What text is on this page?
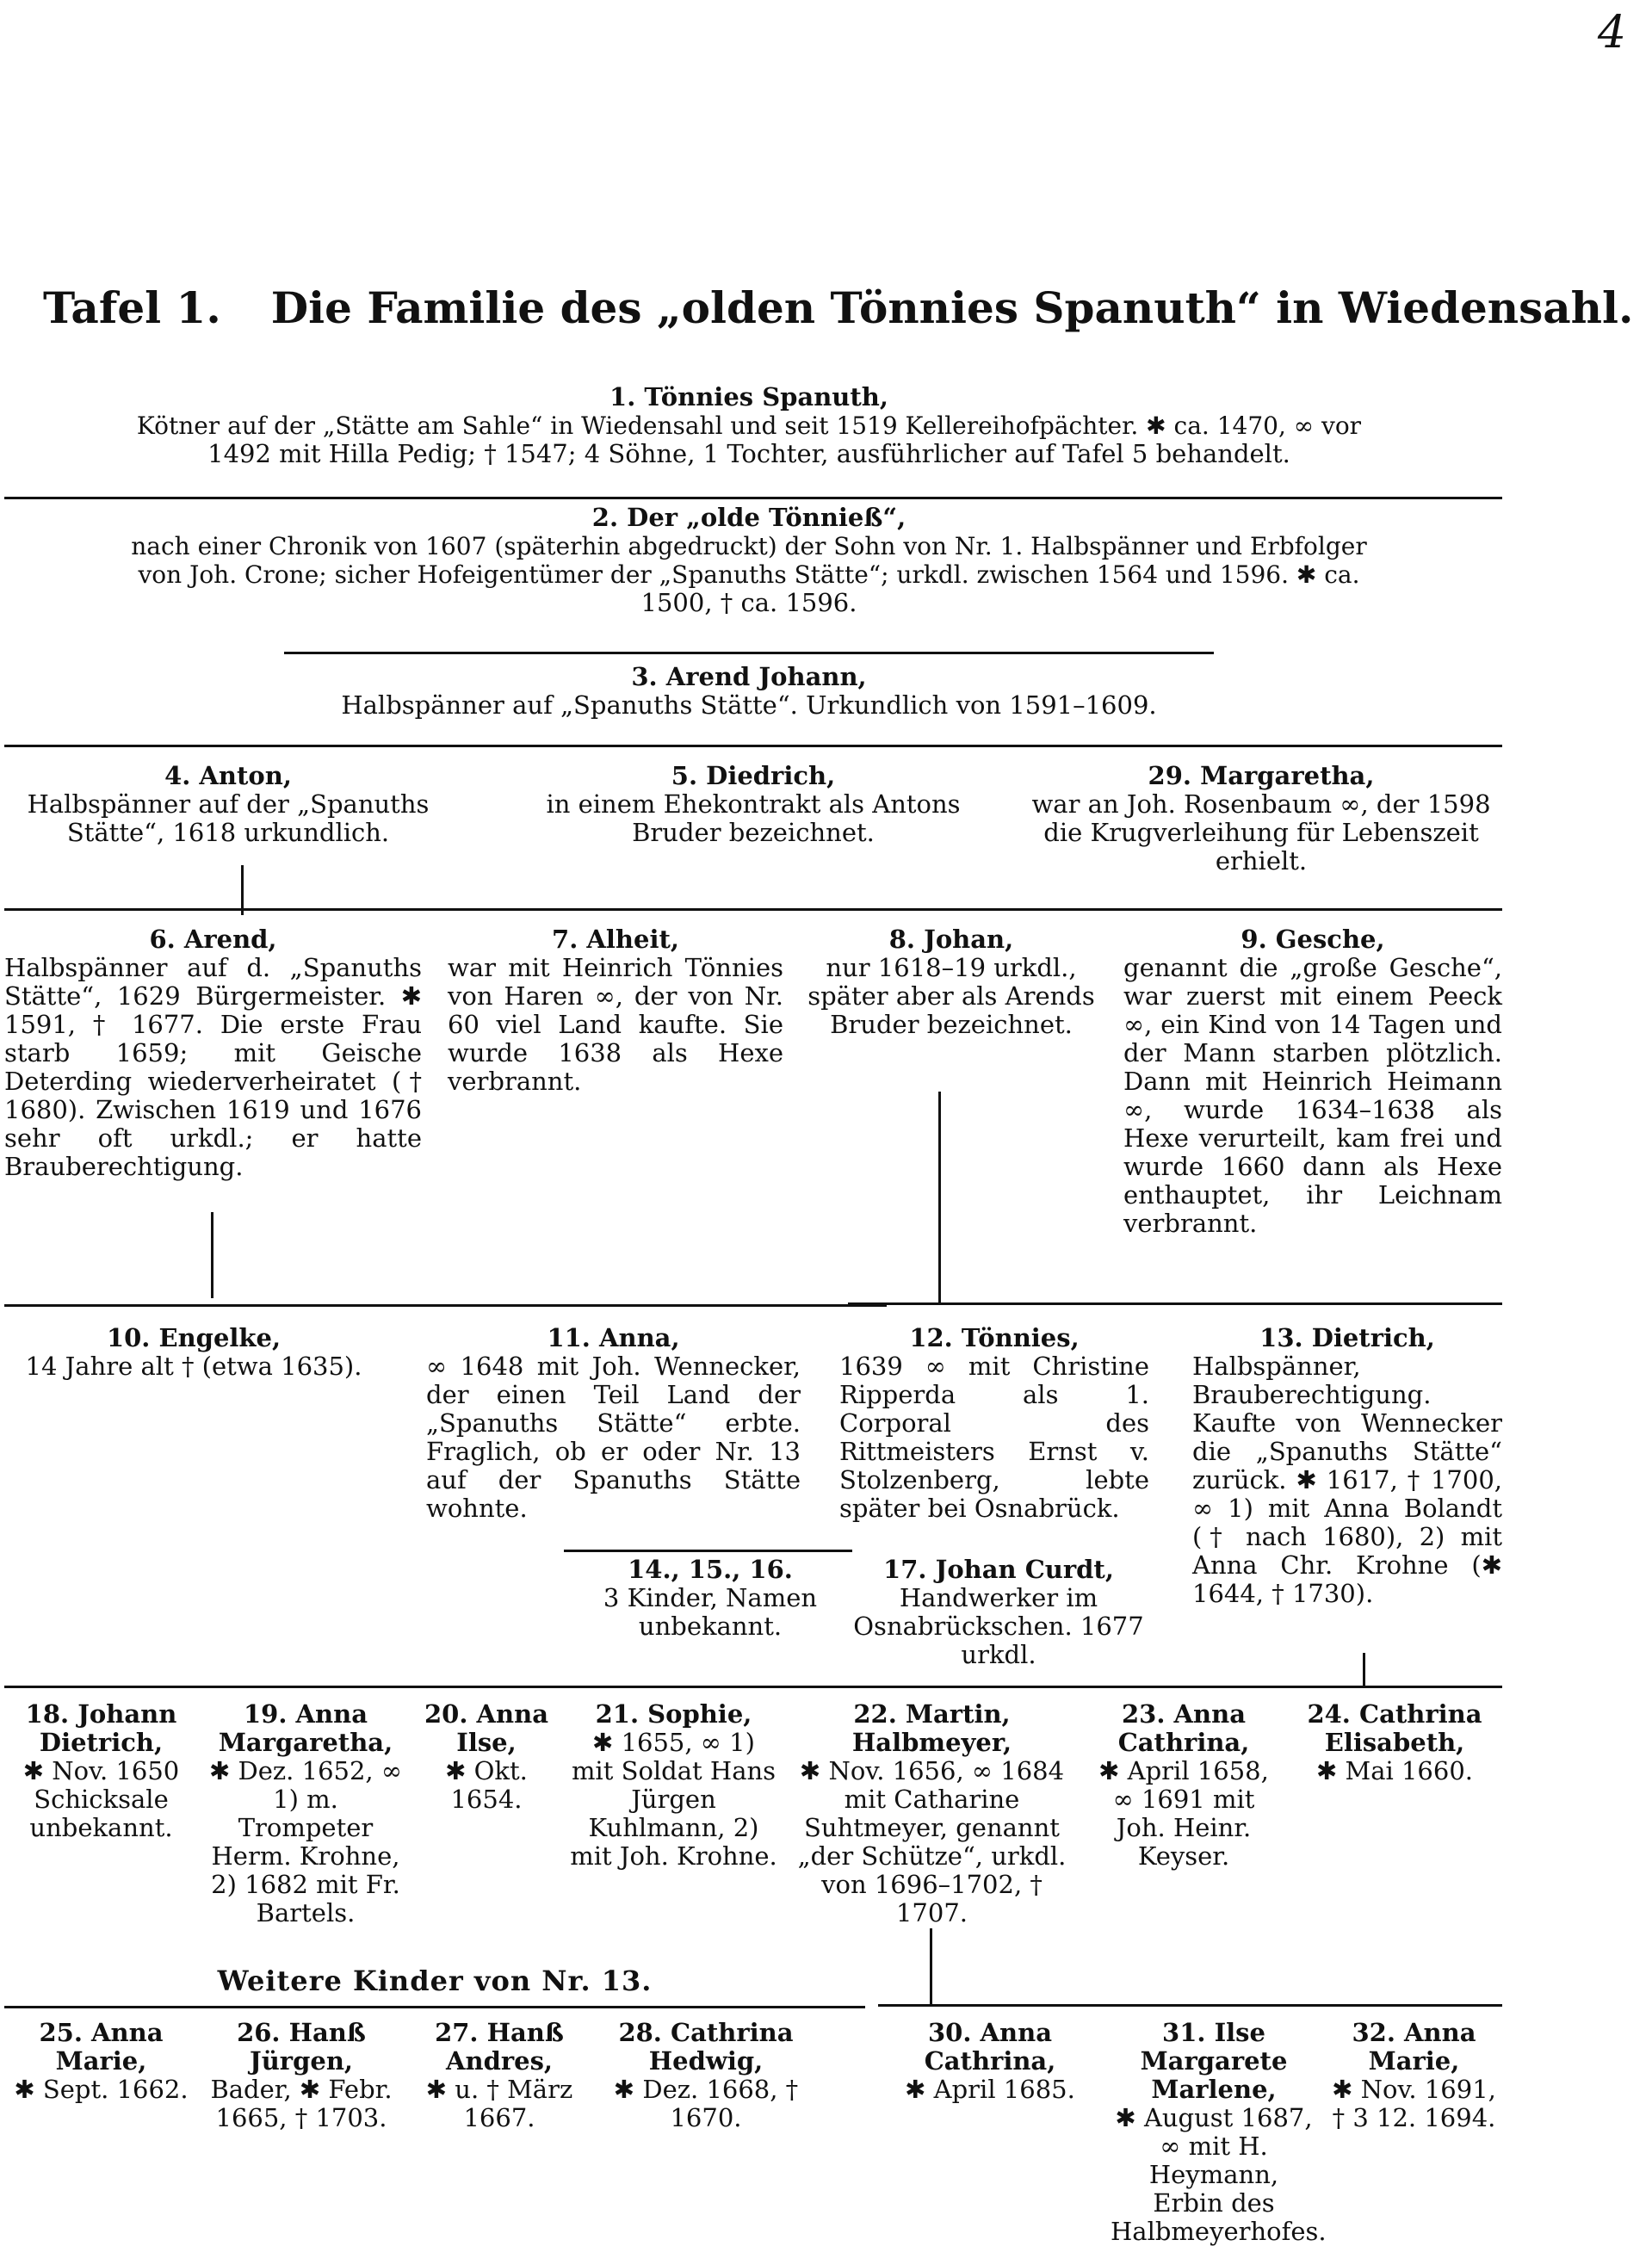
4
Tafel 1. Die Familie des „olden Tönnies Spanuth“ in Wiedensahl.
1. Tönnies Spanuth,
Kötner auf der „Stätte am Sahle“ in Wiedensahl und seit 1519 Kellereihofpächter. ✱ ca. 1470, ∞ vor
1492 mit Hilla Pedig; † 1547; 4 Söhne, 1 Tochter, ausführlicher auf Tafel 5 behandelt.
2. Der „olde Tönnieß“,
nach einer Chronik von 1607 (späterhin abgedruckt) der Sohn von Nr. 1. Halbspänner und Erbfolger
von Joh. Crone; sicher Hofeigentümer der „Spanuths Stätte“; urkdl. zwischen 1564 und 1596. ✱ ca.
1500, † ca. 1596.
3. Arend Johann,
Halbspänner auf „Spanuths Stätte“. Urkundlich von 1591–1609.
4. Anton,
Halbspänner auf der „Spanuths Stätte“, 1618 urkundlich.
5. Diedrich,
in einem Ehekontrakt als Antons Bruder bezeichnet.
29. Margaretha,
war an Joh. Rosenbaum ∞, der 1598 die Krugverleihung für Lebenszeit erhielt.
6. Arend,
Halbspänner auf d. „Spanuths Stätte“, 1629 Bürgermeister. ✱ 1591, † 1677. Die erste Frau starb 1659; mit Geische Deterding wiederverheiratet († 1680). Zwischen 1619 und 1676 sehr oft urkdl.; er hatte Brauberechtigung.
7. Alheit,
war mit Heinrich Tönnies von Haren ∞, der von Nr. 60 viel Land kaufte. Sie wurde 1638 als Hexe verbrannt.
8. Johan,
nur 1618–19 urkdl., später aber als Arends Bruder bezeichnet.
9. Gesche,
genannt die „große Gesche“, war zuerst mit einem Peeck ∞, ein Kind von 14 Tagen und der Mann starben plötzlich. Dann mit Heinrich Heimann ∞, wurde 1634–1638 als Hexe verurteilt, kam frei und wurde 1660 dann als Hexe enthauptet, ihr Leichnam verbrannt.
10. Engelke,
14 Jahre alt † (etwa 1635).
11. Anna,
∞ 1648 mit Joh. Wennecker, der einen Teil Land der „Spanuths Stätte“ erbte. Fraglich, ob er oder Nr. 13 auf der Spanuths Stätte wohnte.
12. Tönnies,
1639 ∞ mit Christine Ripperda als 1. Corporal des Rittmeisters Ernst v. Stolzenberg, lebte später bei Osnabrück.
13. Dietrich,
Halbspänner, Brauberechtigung. Kaufte von Wennecker die „Spanuths Stätte“ zurück. ✱ 1617, † 1700, ∞ 1) mit Anna Bolandt († nach 1680), 2) mit Anna Chr. Krohne (✱ 1644, † 1730).
14., 15., 16.
3 Kinder, Namen unbekannt.
17. Johan Curdt,
Handwerker im Osnabrückschen. 1677 urkdl.
18. Johann Dietrich,
✱ Nov. 1650 Schicksale unbekannt.
19. Anna Margaretha,
✱ Dez. 1652, ∞ 1) m. Trompeter Herm. Krohne, 2) 1682 mit Fr. Bartels.
20. Anna Ilse,
✱ Okt. 1654.
21. Sophie,
✱ 1655, ∞ 1) mit Soldat Hans Jürgen Kuhlmann, 2) mit Joh. Krohne.
22. Martin, Halbmeyer,
✱ Nov. 1656, ∞ 1684 mit Catharine Suhtmeyer, genannt „der Schütze“, urkdl. von 1696–1702, † 1707.
23. Anna Cathrina,
✱ April 1658, ∞ 1691 mit Joh. Heinr. Keyser.
24. Cathrina Elisabeth,
✱ Mai 1660.
Weitere Kinder von Nr. 13.
25. Anna Marie,
✱ Sept. 1662.
26. Hanß Jürgen,
Bader, ✱ Febr. 1665, † 1703.
27. Hanß Andres,
✱ u. † März 1667.
28. Cathrina Hedwig,
✱ Dez. 1668, † 1670.
30. Anna Cathrina,
✱ April 1685.
31. Ilse Margarete Marlene,
✱ August 1687, ∞ mit H. Heymann, Erbin des Halbmeyerhofes.
32. Anna Marie,
✱ Nov. 1691, † 3 12. 1694.
